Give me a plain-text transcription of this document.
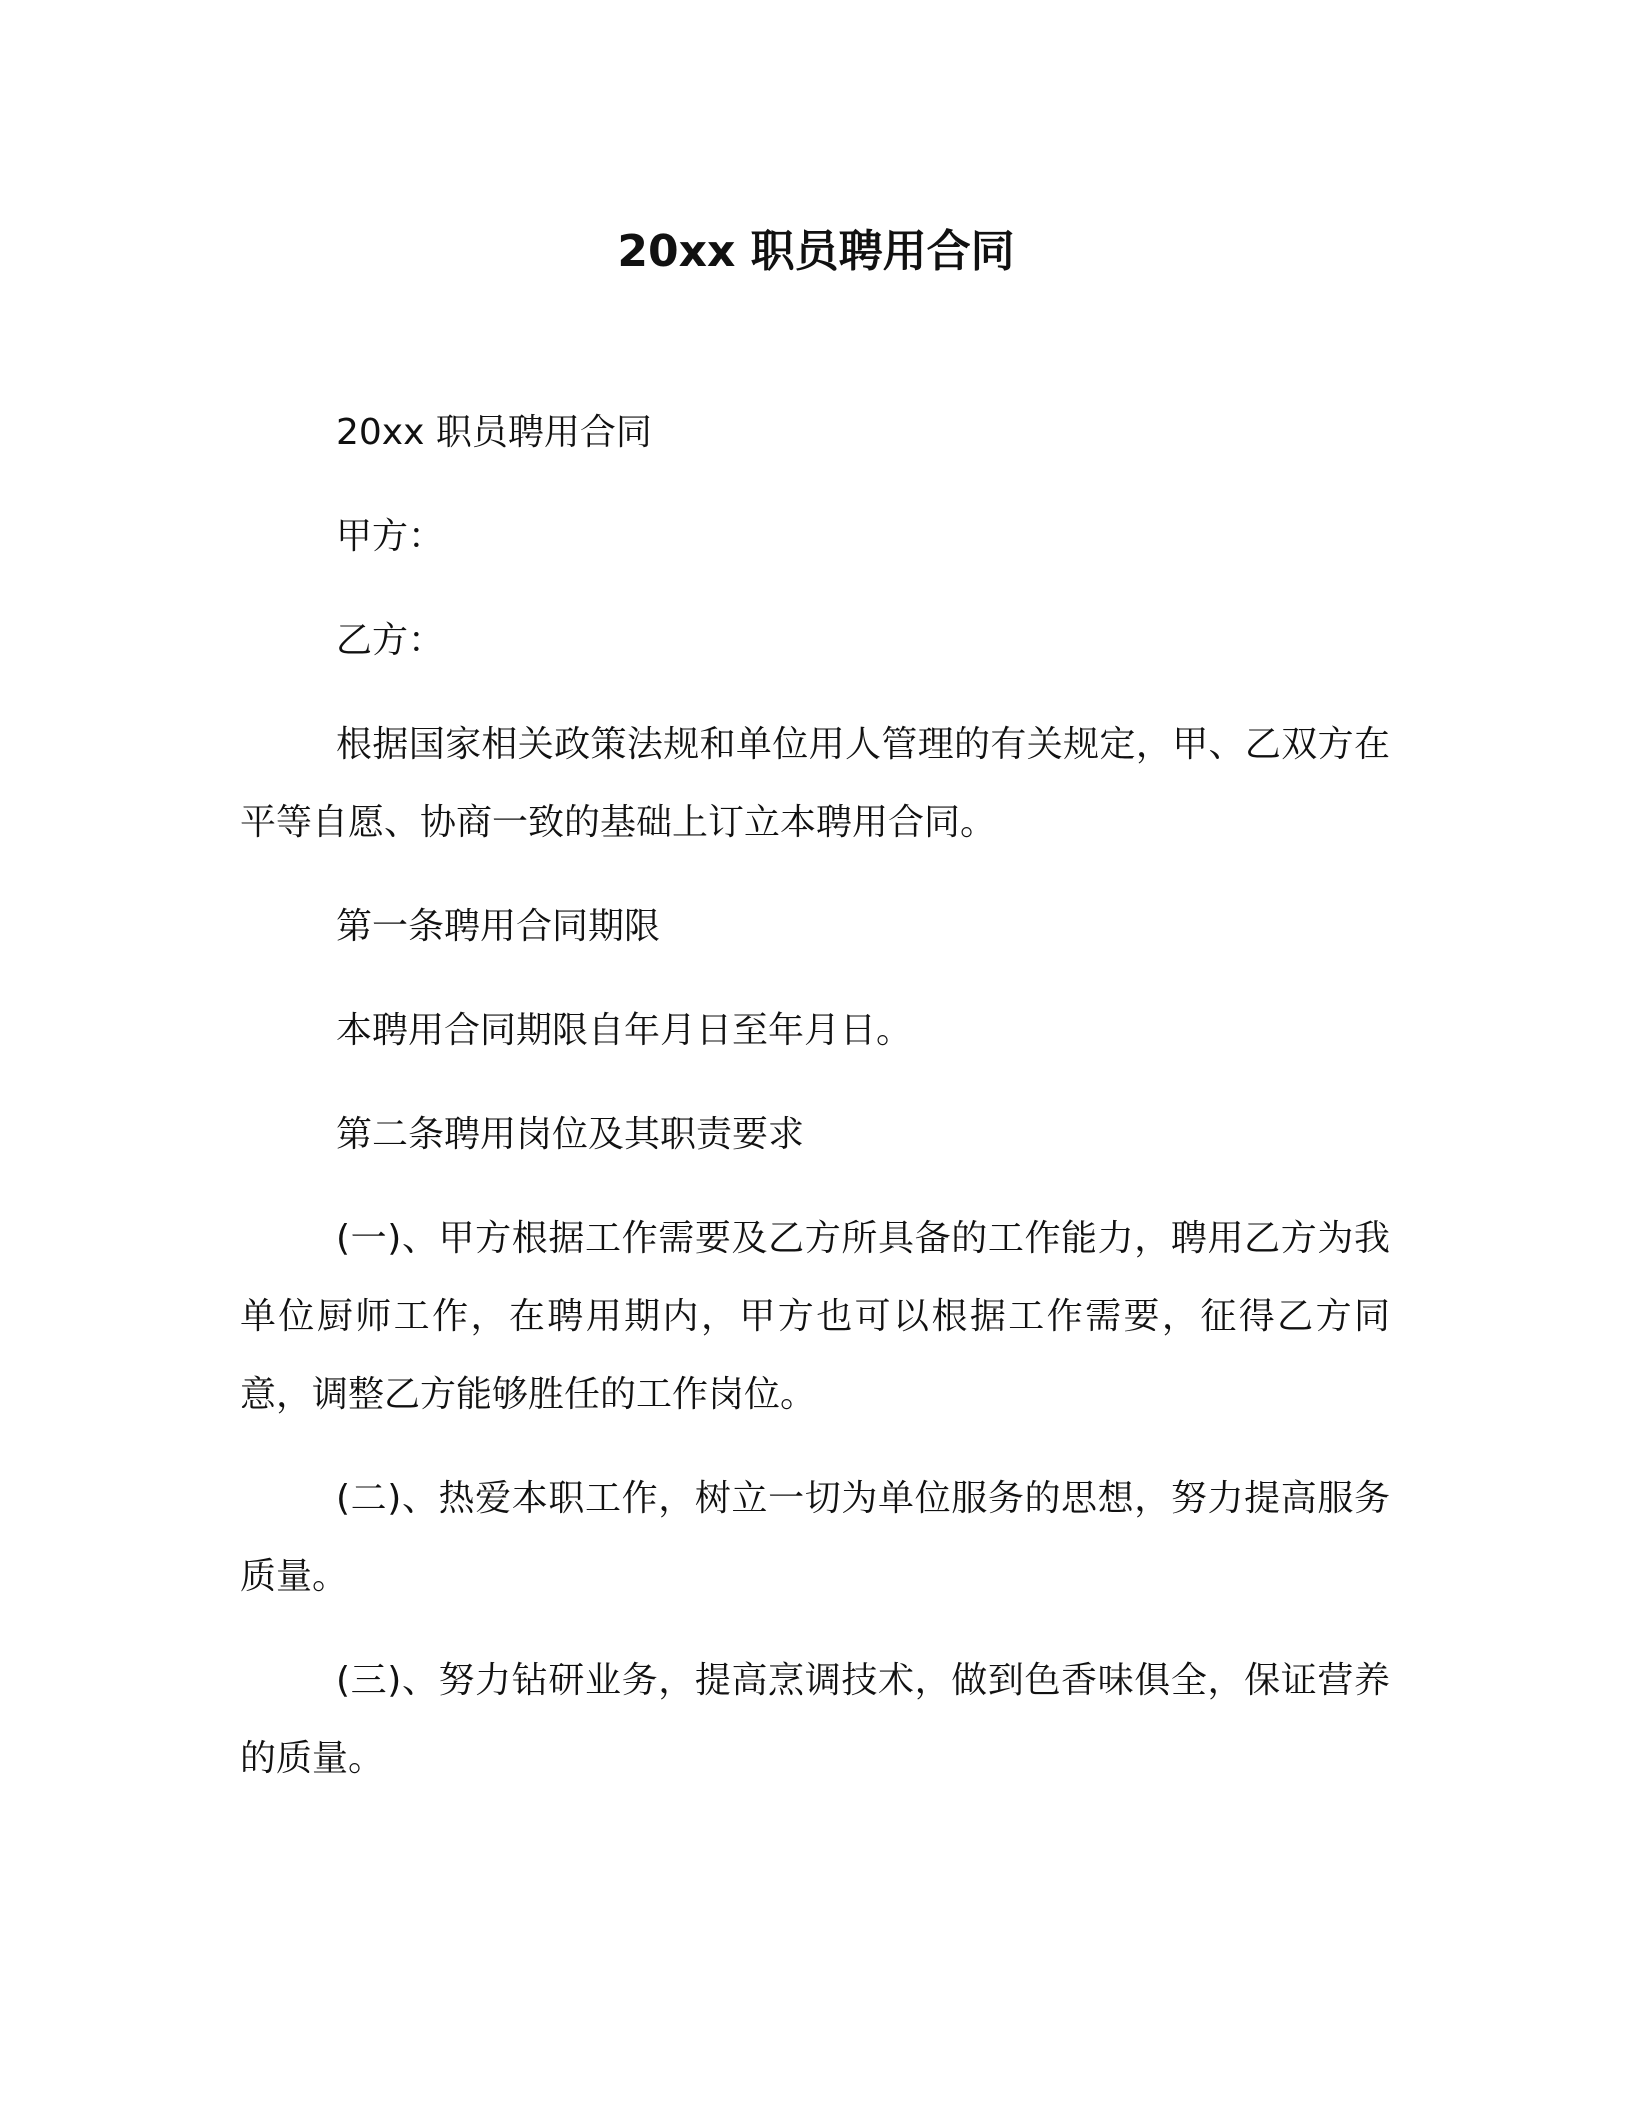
20xx 职员聘用合同

20xx 职员聘用合同

甲方：

乙方：

根据国家相关政策法规和单位用人管理的有关规定，甲、乙双方在平等自愿、协商一致的基础上订立本聘用合同。

第一条聘用合同期限

本聘用合同期限自年月日至年月日。

第二条聘用岗位及其职责要求

(一)、甲方根据工作需要及乙方所具备的工作能力，聘用乙方为我单位厨师工作，在聘用期内，甲方也可以根据工作需要，征得乙方同意，调整乙方能够胜任的工作岗位。

(二)、热爱本职工作，树立一切为单位服务的思想，努力提高服务质量。

(三)、努力钻研业务，提高烹调技术，做到色香味俱全，保证营养的质量。
